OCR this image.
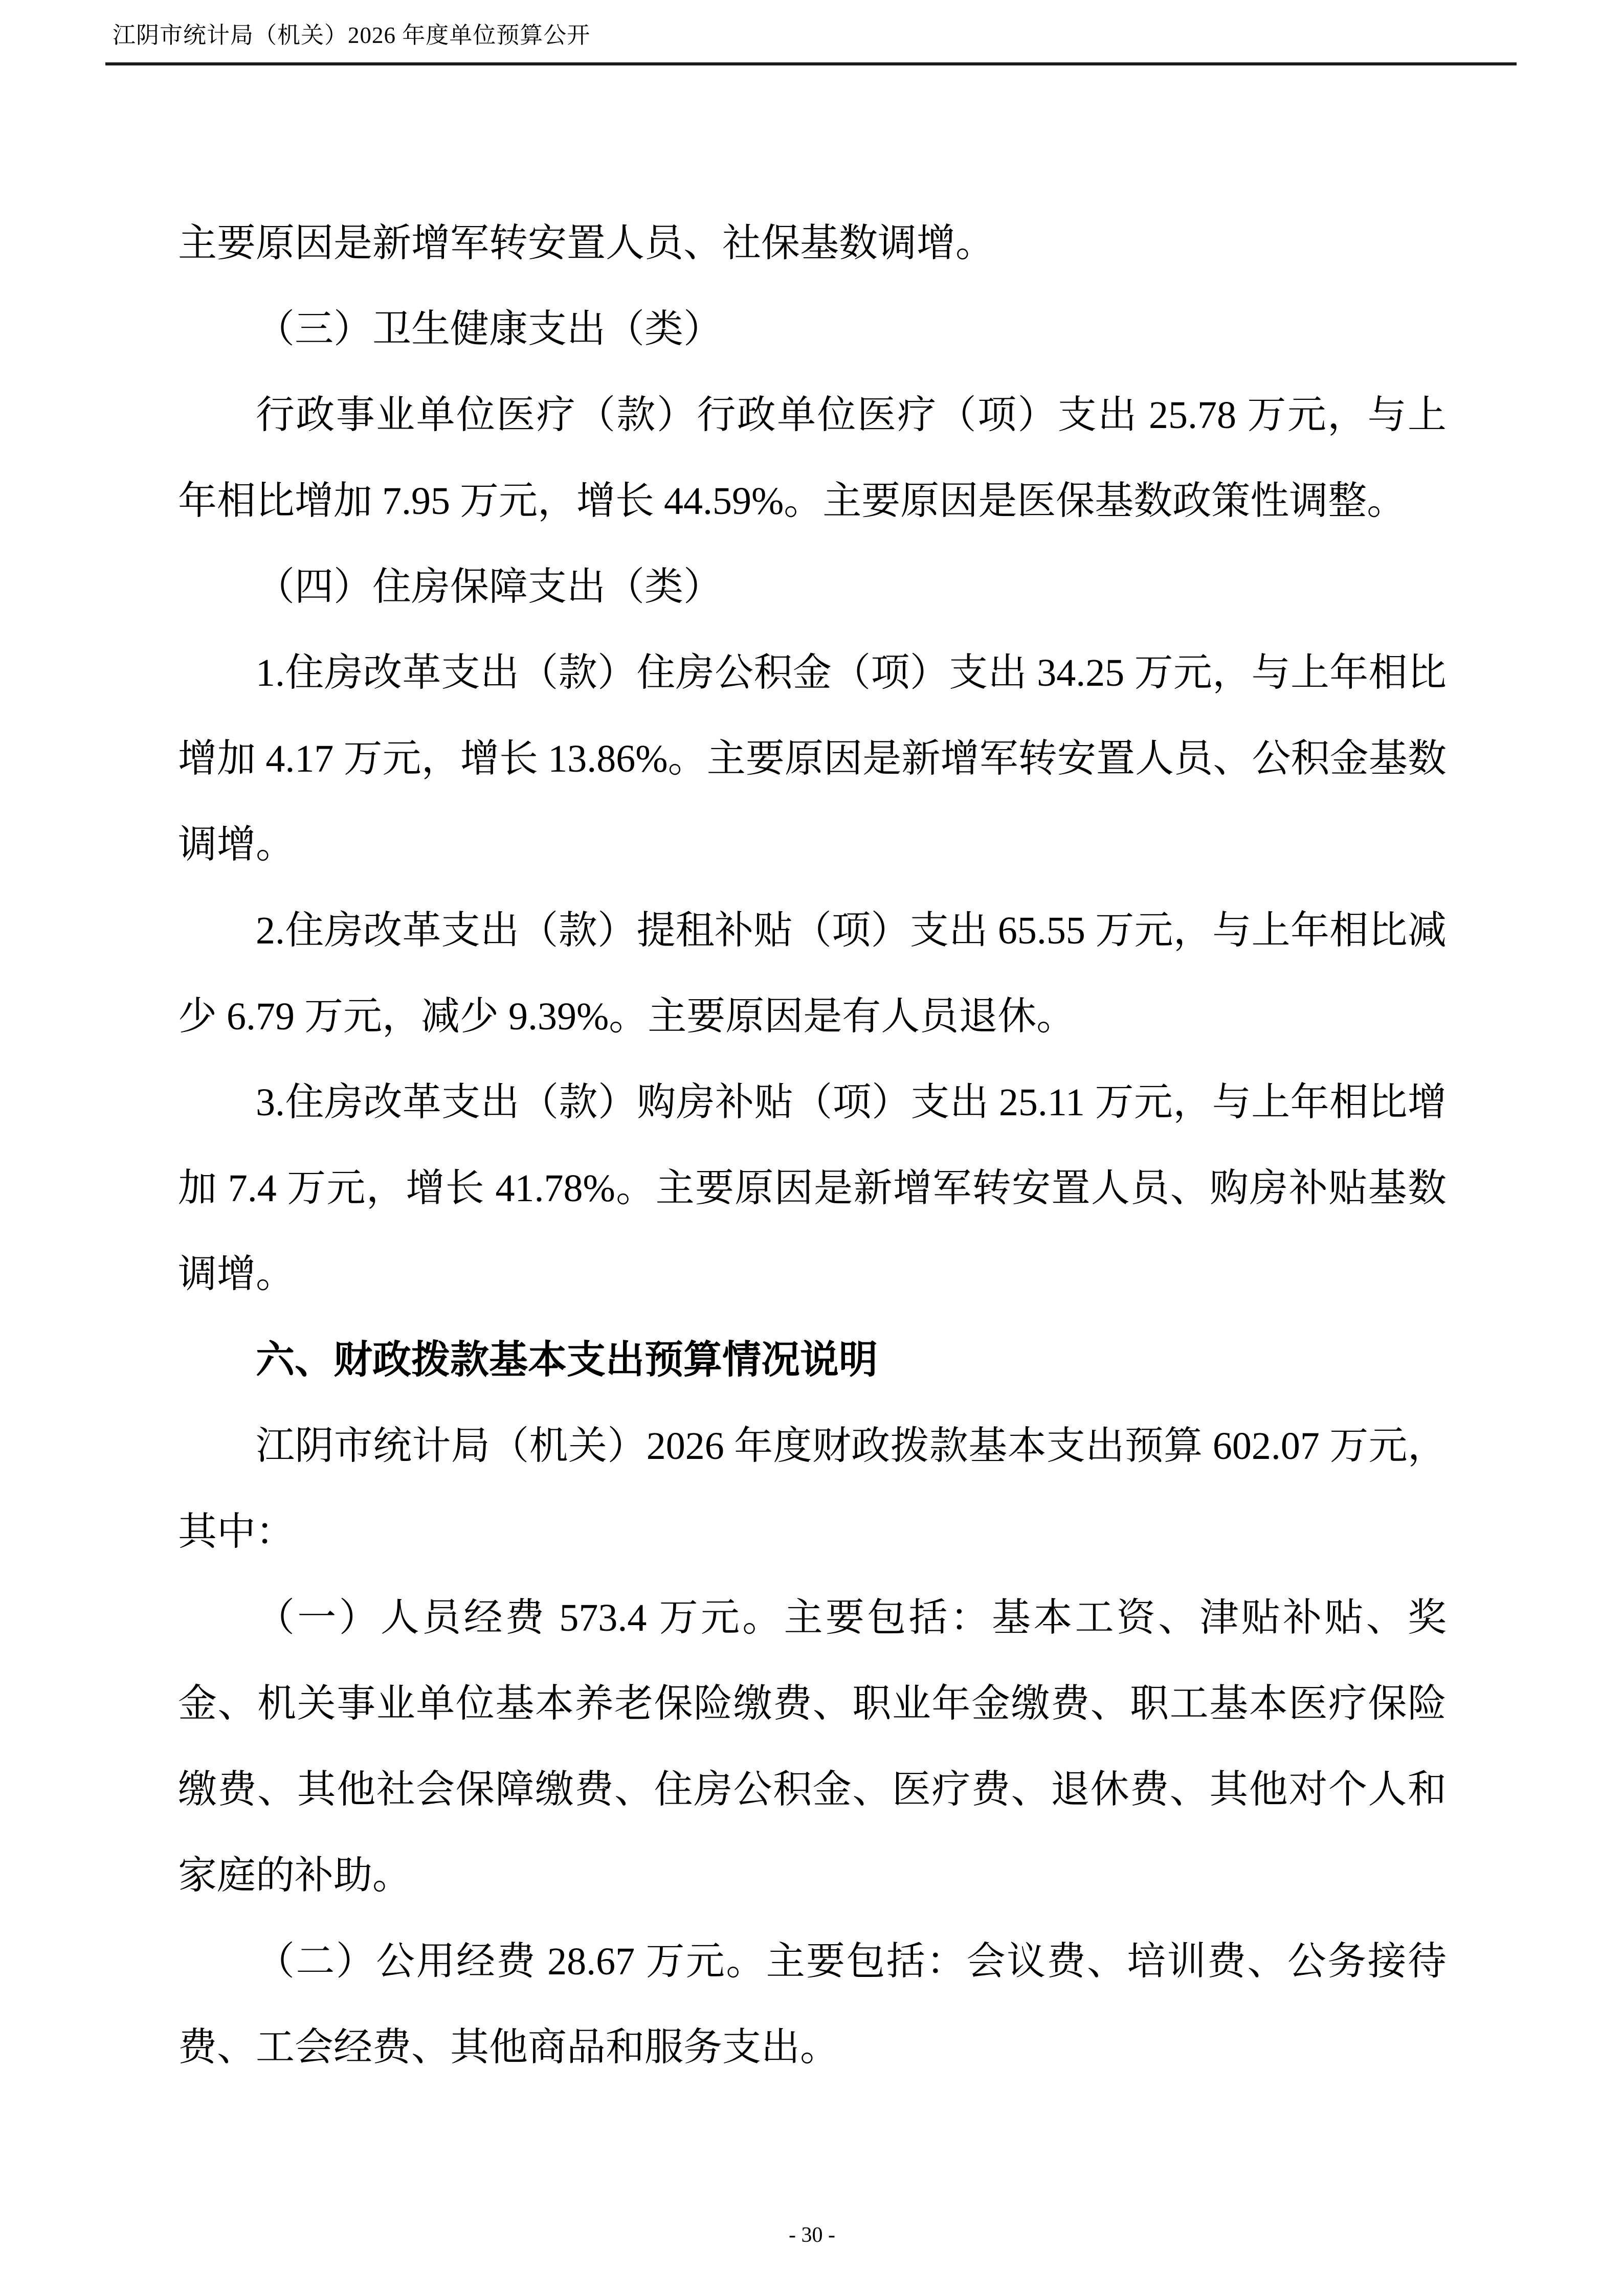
江阴市统计局（机关）2026 年度单位预算公开

主要原因是新增军转安置人员、社保基数调增。

（三）卫生健康支出（类）

行政事业单位医疗（款）行政单位医疗（项）支出 25.78 万元，与上年相比增加 7.95 万元，增长 44.59%。主要原因是医保基数政策性调整。

（四）住房保障支出（类）

1.住房改革支出（款）住房公积金（项）支出 34.25 万元，与上年相比增加 4.17 万元，增长 13.86%。主要原因是新增军转安置人员、公积金基数调增。

2.住房改革支出（款）提租补贴（项）支出 65.55 万元，与上年相比减少 6.79 万元，减少 9.39%。主要原因是有人员退休。

3.住房改革支出（款）购房补贴（项）支出 25.11 万元，与上年相比增加 7.4 万元，增长 41.78%。主要原因是新增军转安置人员、购房补贴基数调增。

六、财政拨款基本支出预算情况说明

江阴市统计局（机关）2026 年度财政拨款基本支出预算 602.07 万元，其中：

（一）人员经费 573.4 万元。主要包括：基本工资、津贴补贴、奖金、机关事业单位基本养老保险缴费、职业年金缴费、职工基本医疗保险缴费、其他社会保障缴费、住房公积金、医疗费、退休费、其他对个人和家庭的补助。

（二）公用经费 28.67 万元。主要包括：会议费、培训费、公务接待费、工会经费、其他商品和服务支出。

- 30 -
